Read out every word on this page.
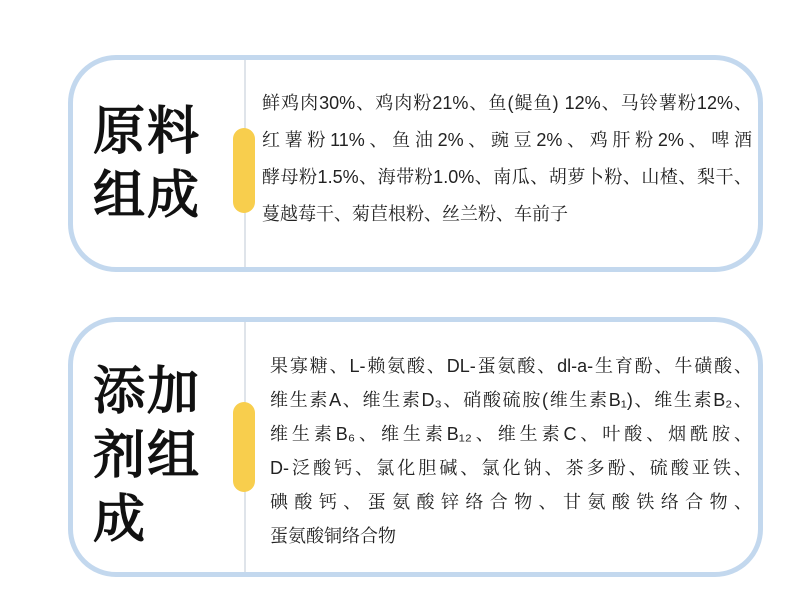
原料
组成
鲜鸡肉30%、鸡肉粉21%、鱼(鳀鱼) 12%、马铃薯粉12%、
红薯粉11%、鱼油2%、豌豆2%、鸡肝粉2%、啤酒
酵母粉1.5%、海带粉1.0%、南瓜、胡萝卜粉、山楂、梨干、
蔓越莓干、菊苣根粉、丝兰粉、车前子
添加
剂组
成
果寡糖、L-赖氨酸、DL-蛋氨酸、dl-a-生育酚、牛磺酸、
维生素A、维生素D₃、硝酸硫胺(维生素B₁)、维生素B₂、
维生素B₆、维生素B₁₂、维生素C、叶酸、烟酰胺、
D-泛酸钙、氯化胆碱、氯化钠、茶多酚、硫酸亚铁、
碘酸钙、蛋氨酸锌络合物、甘氨酸铁络合物、
蛋氨酸铜络合物
